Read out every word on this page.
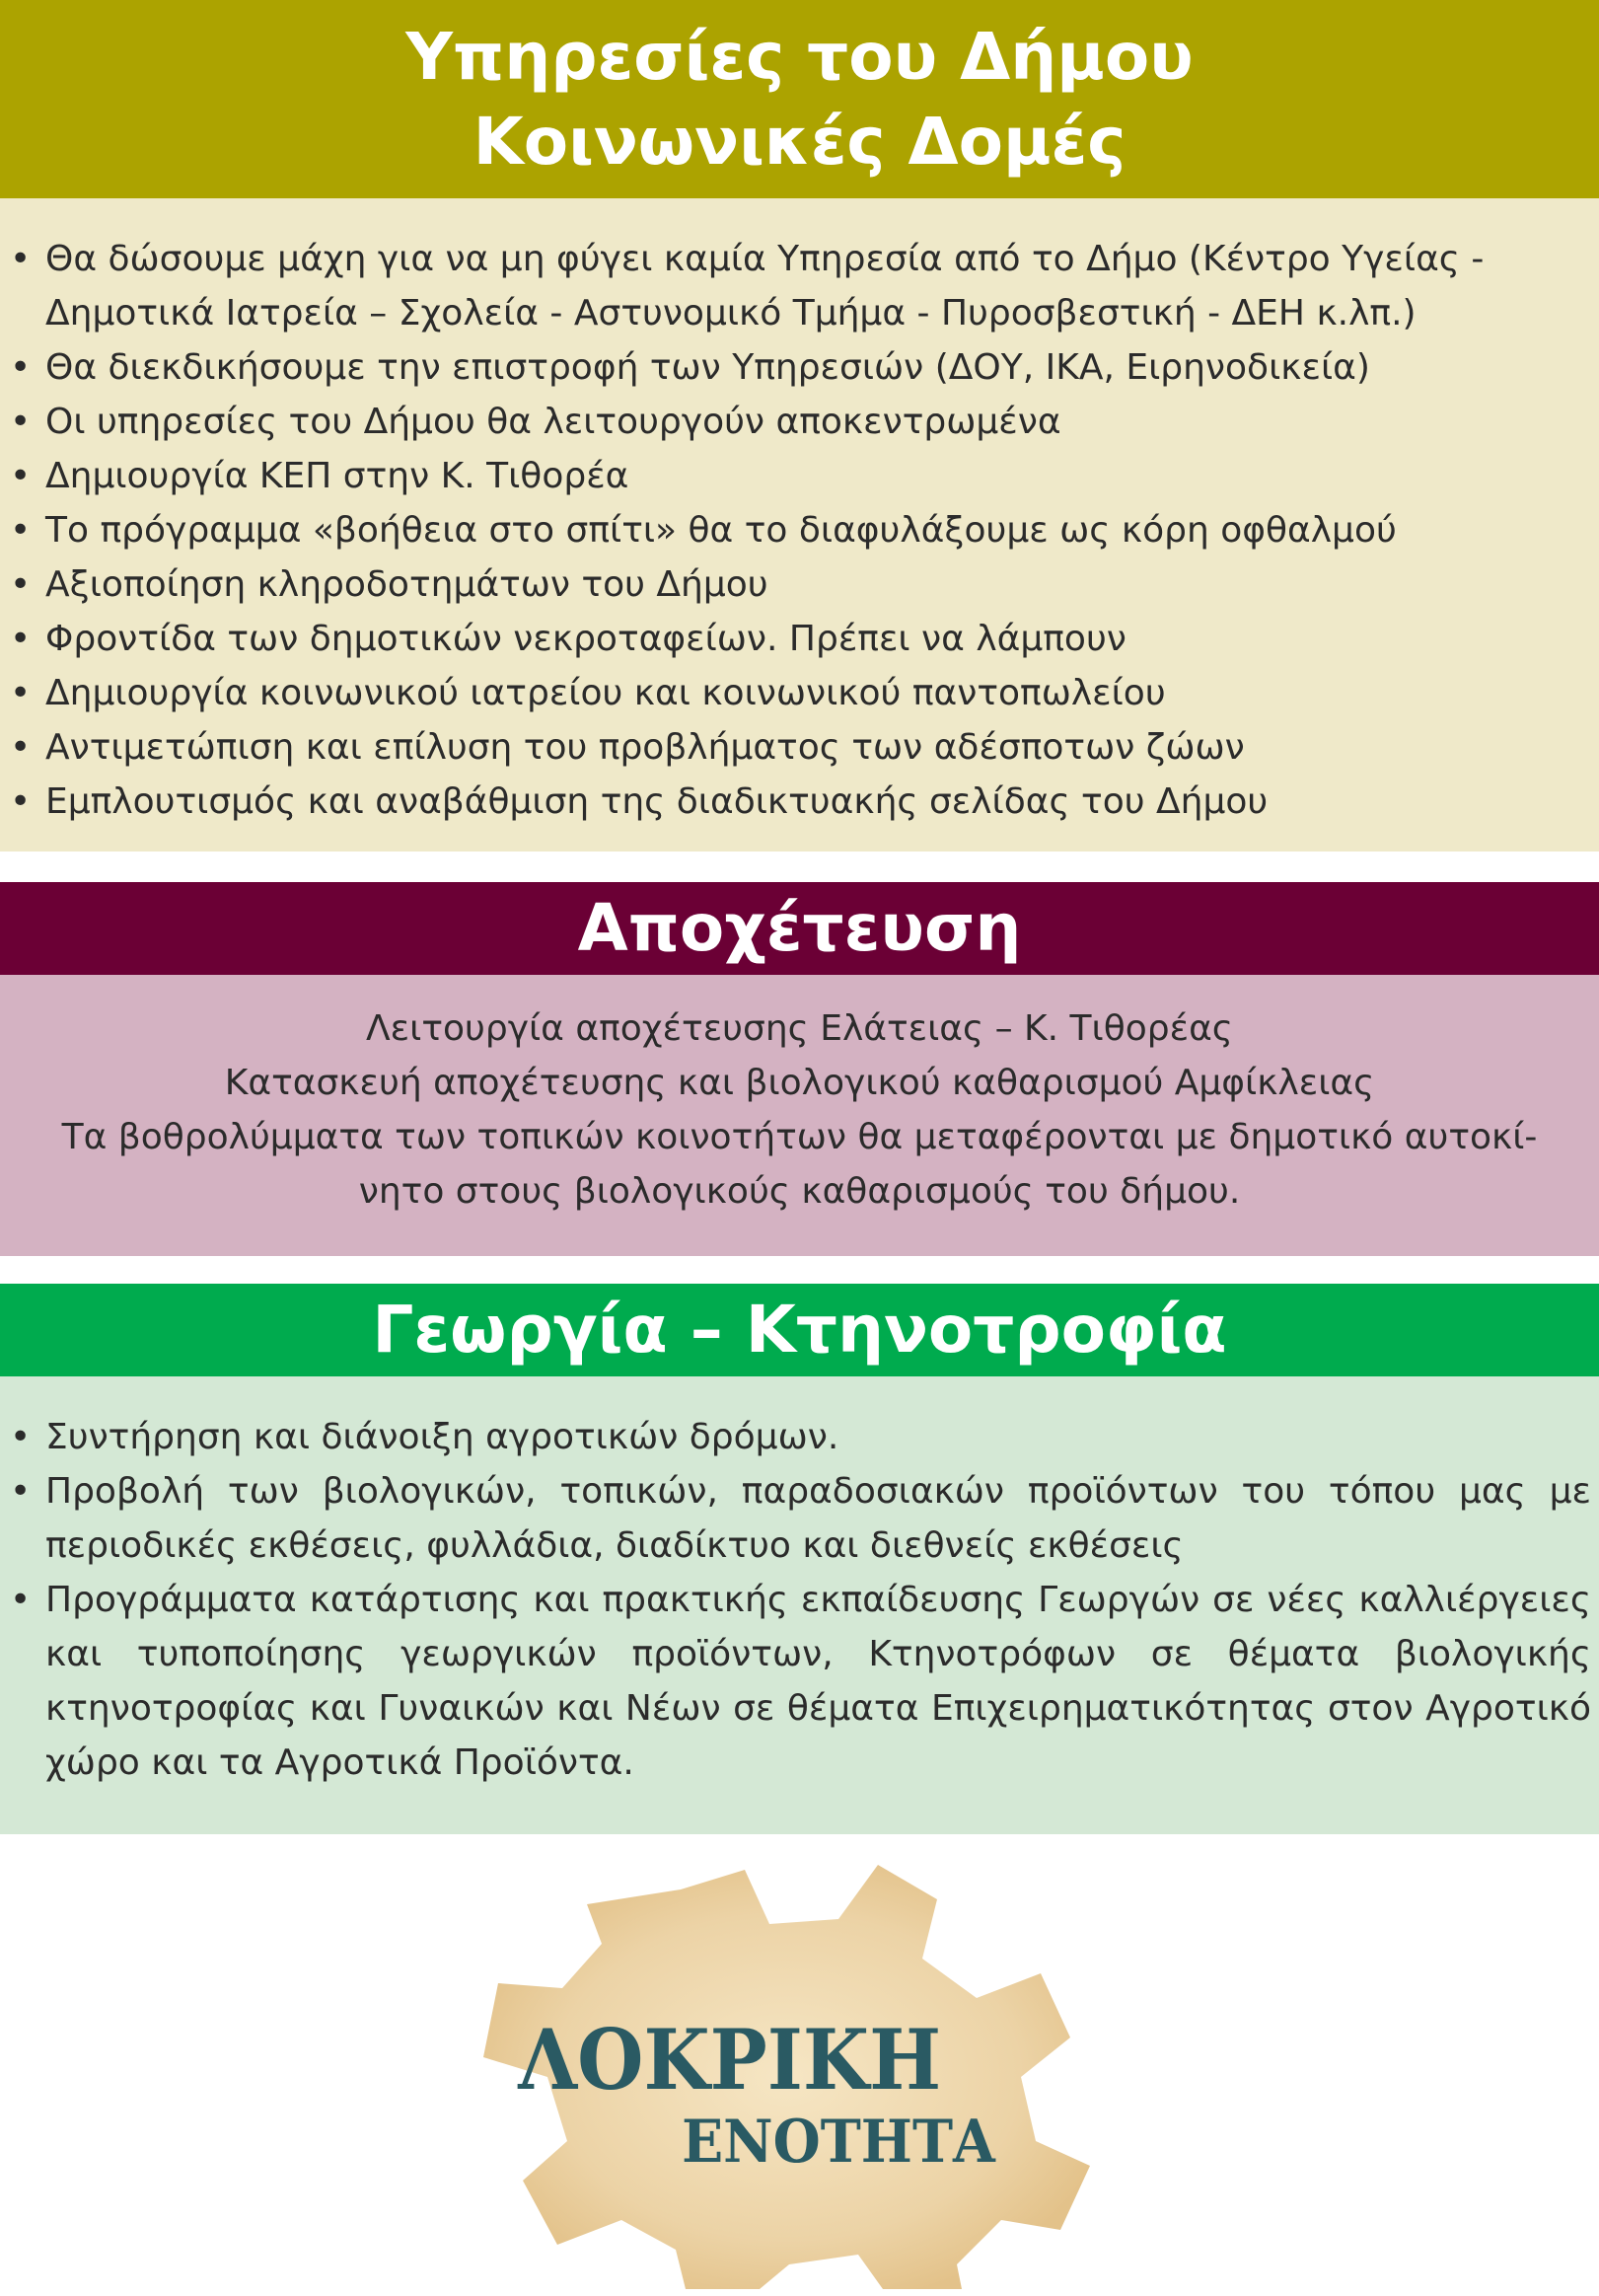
Υπηρεσίες του Δήμου
Κοινωνικές Δομές
• Θα δώσουμε μάχη για να μη φύγει καμία Υπηρεσία από το Δήμο (Κέντρο Υγείας - Δημοτικά Ιατρεία – Σχολεία - Αστυνομικό Τμήμα - Πυροσβεστική - ΔΕΗ κ.λπ.)
• Θα διεκδικήσουμε την επιστροφή των Υπηρεσιών (ΔΟΥ, ΙΚΑ, Ειρηνοδικεία)
• Οι υπηρεσίες του Δήμου θα λειτουργούν αποκεντρωμένα
• Δημιουργία ΚΕΠ στην Κ. Τιθορέα
• Το πρόγραμμα «βοήθεια στο σπίτι» θα το διαφυλάξουμε ως κόρη οφθαλμού
• Αξιοποίηση κληροδοτημάτων του Δήμου
• Φροντίδα των δημοτικών νεκροταφείων. Πρέπει να λάμπουν
• Δημιουργία κοινωνικού ιατρείου και κοινωνικού παντοπωλείου
• Αντιμετώπιση και επίλυση του προβλήματος των αδέσποτων ζώων
• Εμπλουτισμός και αναβάθμιση της διαδικτυακής σελίδας του Δήμου
Αποχέτευση

Λειτουργία αποχέτευσης Ελάτειας – Κ. Τιθορέας

Κατασκευή αποχέτευσης και βιολογικού καθαρισμού Αμφίκλειας

Τα βοθρολύμματα των τοπικών κοινοτήτων θα μεταφέρονται με δημοτικό αυτοκί-

νητο στους βιολογικούς καθαρισμούς του δήμου.

Γεωργία – Κτηνοτροφία
• Συντήρηση και διάνοιξη αγροτικών δρόμων.
• Προβολή των βιολογικών, τοπικών, παραδοσιακών προϊόντων του τόπου μας με περιοδικές εκθέσεις, φυλλάδια, διαδίκτυο και διεθνείς εκθέσεις
• Προγράμματα κατάρτισης και πρακτικής εκπαίδευσης Γεωργών σε νέες καλλιέργειες και τυποποίησης γεωργικών προϊόντων, Κτηνοτρόφων σε θέματα βιολογικής κτηνοτροφίας και Γυναικών και Νέων σε θέματα Επιχειρηματικότητας στον Αγροτικό χώρο και τα Αγροτικά Προϊόντα.
ΛΟΚΡΙΚΗ
ΕΝΟΤΗΤΑ
